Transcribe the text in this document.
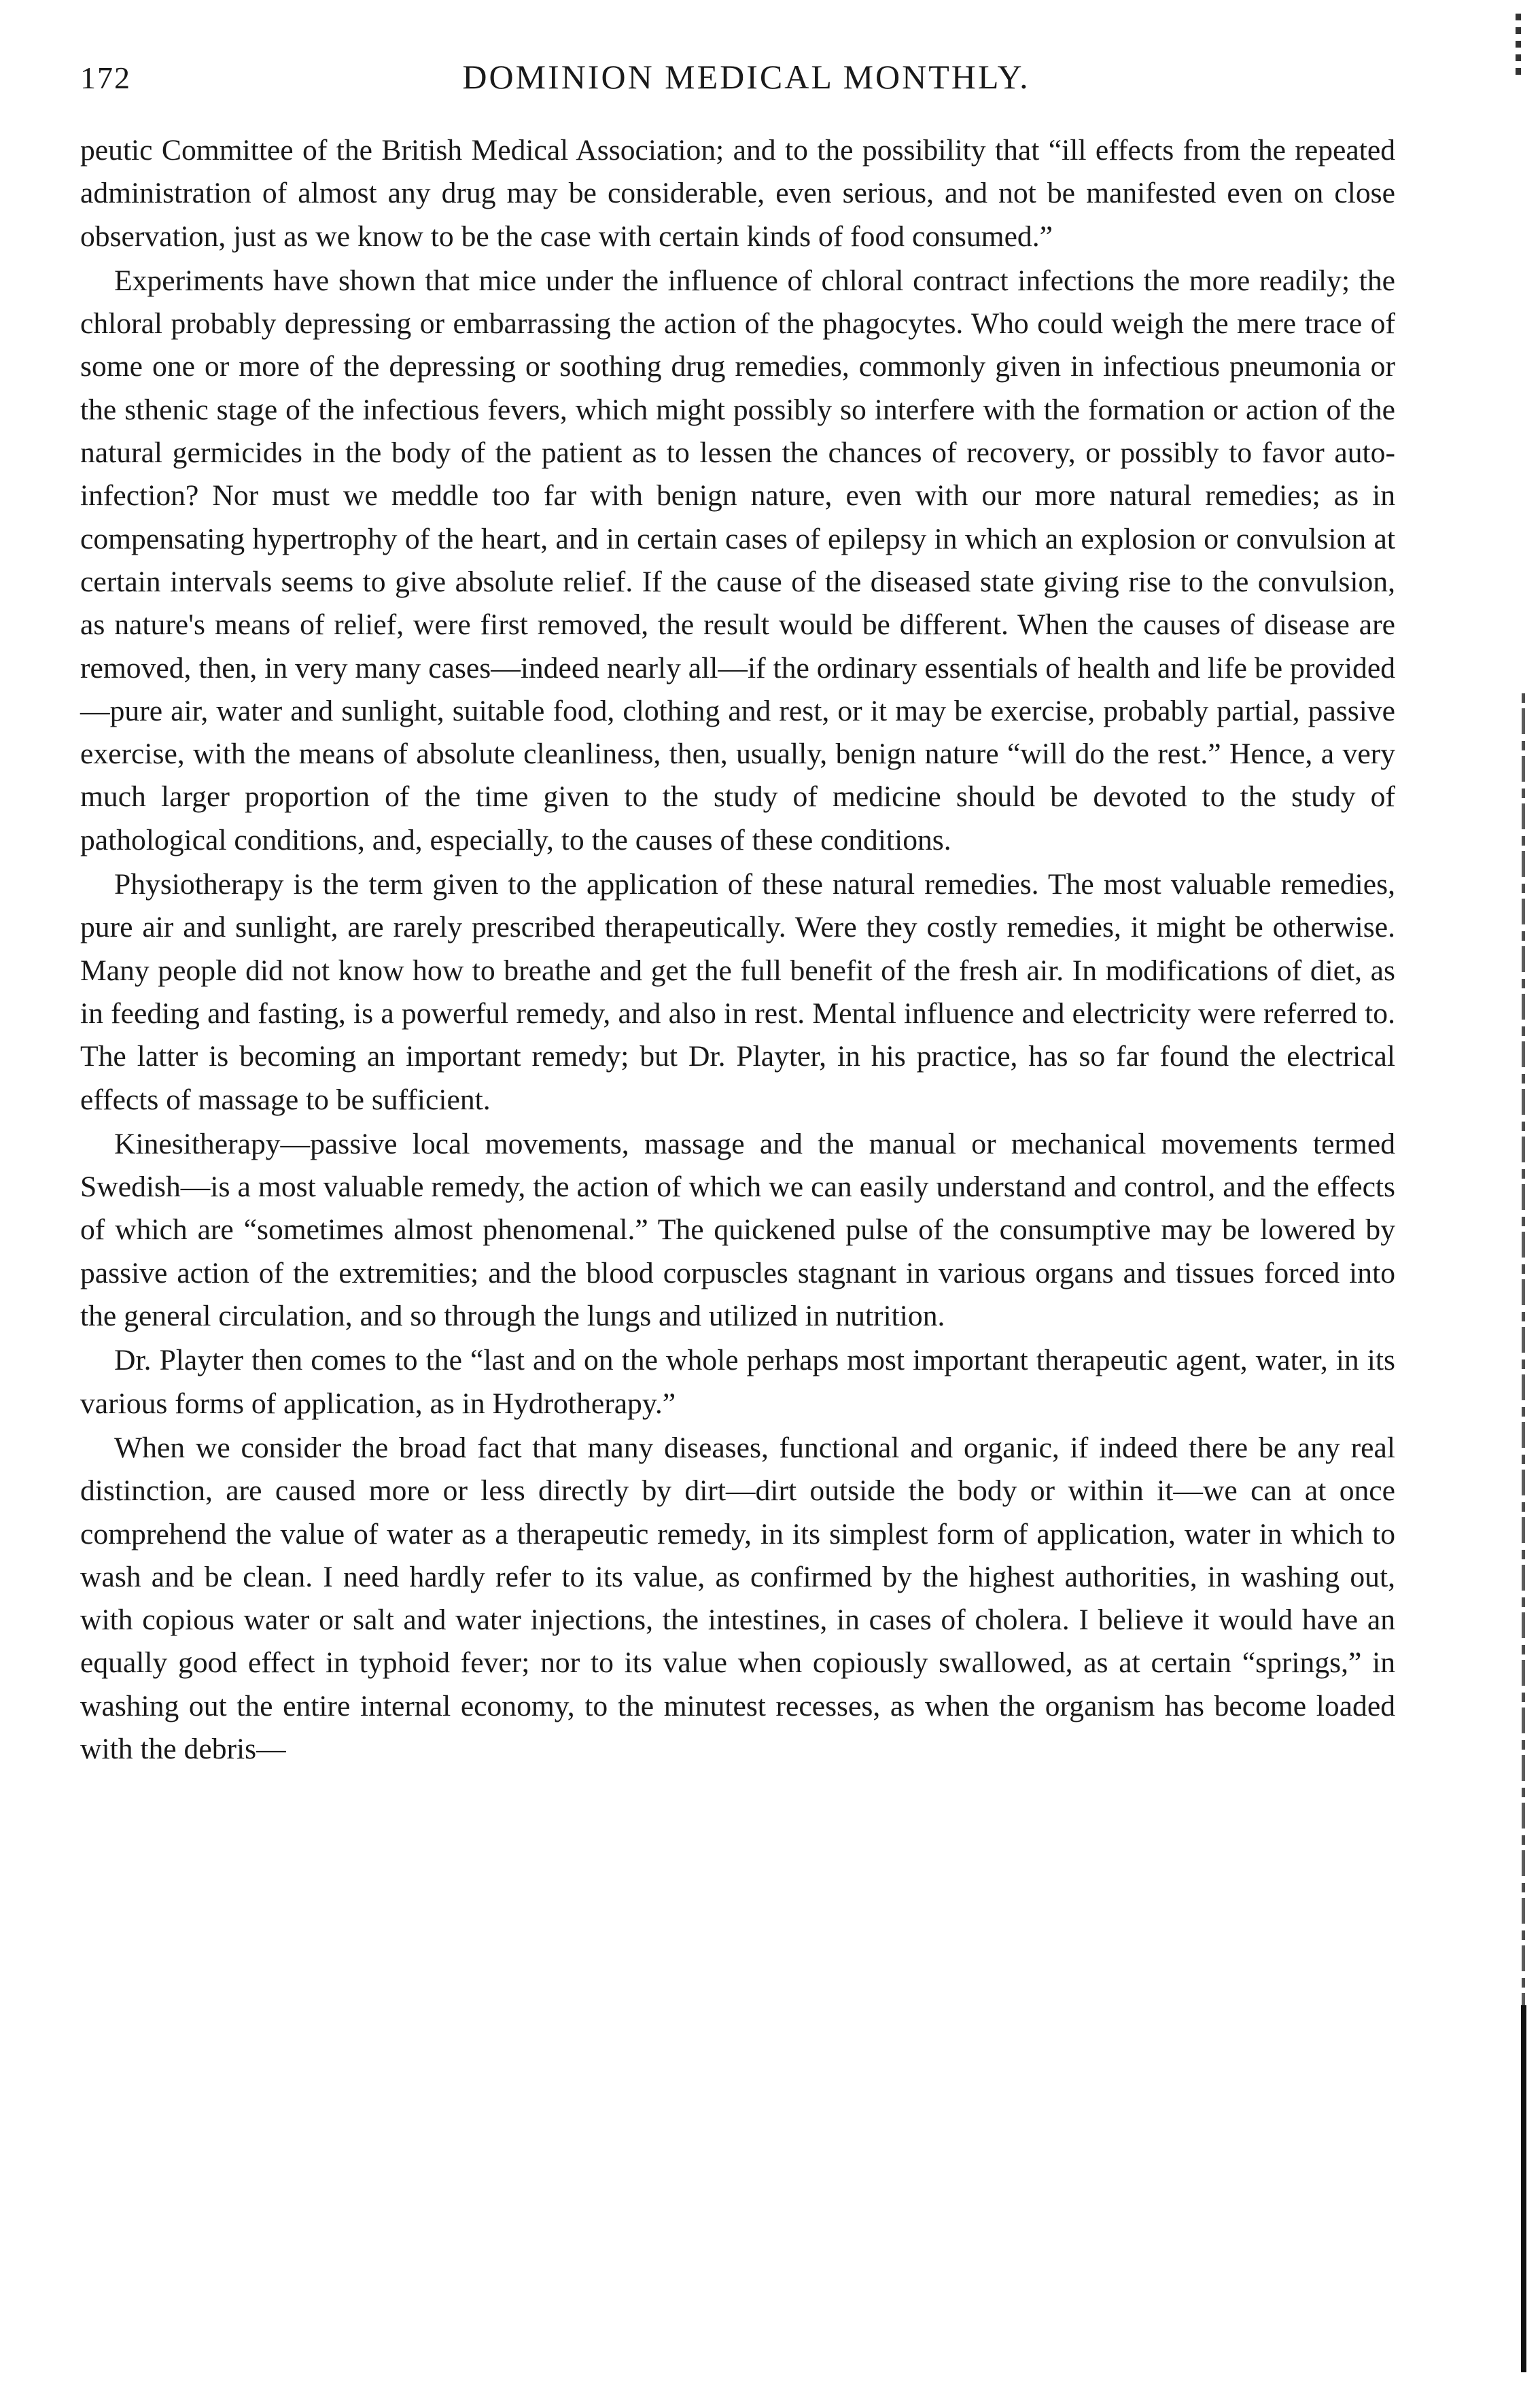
172	DOMINION MEDICAL MONTHLY.

peutic Committee of the British Medical Association; and to the possibility that “ill effects from the repeated administration of almost any drug may be considerable, even serious, and not be manifested even on close observation, just as we know to be the case with certain kinds of food consumed.”

Experiments have shown that mice under the influence of chloral contract infections the more readily; the chloral probably depressing or embarrassing the action of the phagocytes. Who could weigh the mere trace of some one or more of the depressing or soothing drug remedies, commonly given in infectious pneumonia or the sthenic stage of the infectious fevers, which might possibly so interfere with the formation or action of the natural germicides in the body of the patient as to lessen the chances of recovery, or possibly to favor auto-infection? Nor must we meddle too far with benign nature, even with our more natural remedies; as in compensating hypertrophy of the heart, and in certain cases of epilepsy in which an explosion or convulsion at certain intervals seems to give absolute relief. If the cause of the diseased state giving rise to the convulsion, as nature's means of relief, were first removed, the result would be different. When the causes of disease are removed, then, in very many cases—indeed nearly all—if the ordinary essentials of health and life be provided—pure air, water and sunlight, suitable food, clothing and rest, or it may be exercise, probably partial, passive exercise, with the means of absolute cleanliness, then, usually, benign nature “will do the rest.” Hence, a very much larger proportion of the time given to the study of medicine should be devoted to the study of pathological conditions, and, especially, to the causes of these conditions.

Physiotherapy is the term given to the application of these natural remedies. The most valuable remedies, pure air and sunlight, are rarely prescribed therapeutically. Were they costly remedies, it might be otherwise. Many people did not know how to breathe and get the full benefit of the fresh air. In modifications of diet, as in feeding and fasting, is a powerful remedy, and also in rest. Mental influence and electricity were referred to. The latter is becoming an important remedy; but Dr. Playter, in his practice, has so far found the electrical effects of massage to be sufficient.

Kinesitherapy—passive local movements, massage and the manual or mechanical movements termed Swedish—is a most valuable remedy, the action of which we can easily understand and control, and the effects of which are “sometimes almost phenomenal.” The quickened pulse of the consumptive may be lowered by passive action of the extremities; and the blood corpuscles stagnant in various organs and tissues forced into the general circulation, and so through the lungs and utilized in nutrition.

Dr. Playter then comes to the “last and on the whole perhaps most important therapeutic agent, water, in its various forms of application, as in Hydrotherapy.”

When we consider the broad fact that many diseases, functional and organic, if indeed there be any real distinction, are caused more or less directly by dirt—dirt outside the body or within it—we can at once comprehend the value of water as a therapeutic remedy, in its simplest form of application, water in which to wash and be clean. I need hardly refer to its value, as confirmed by the highest authorities, in washing out, with copious water or salt and water injections, the intestines, in cases of cholera. I believe it would have an equally good effect in typhoid fever; nor to its value when copiously swallowed, as at certain “springs,” in washing out the entire internal economy, to the minutest recesses, as when the organism has become loaded with the debris—
